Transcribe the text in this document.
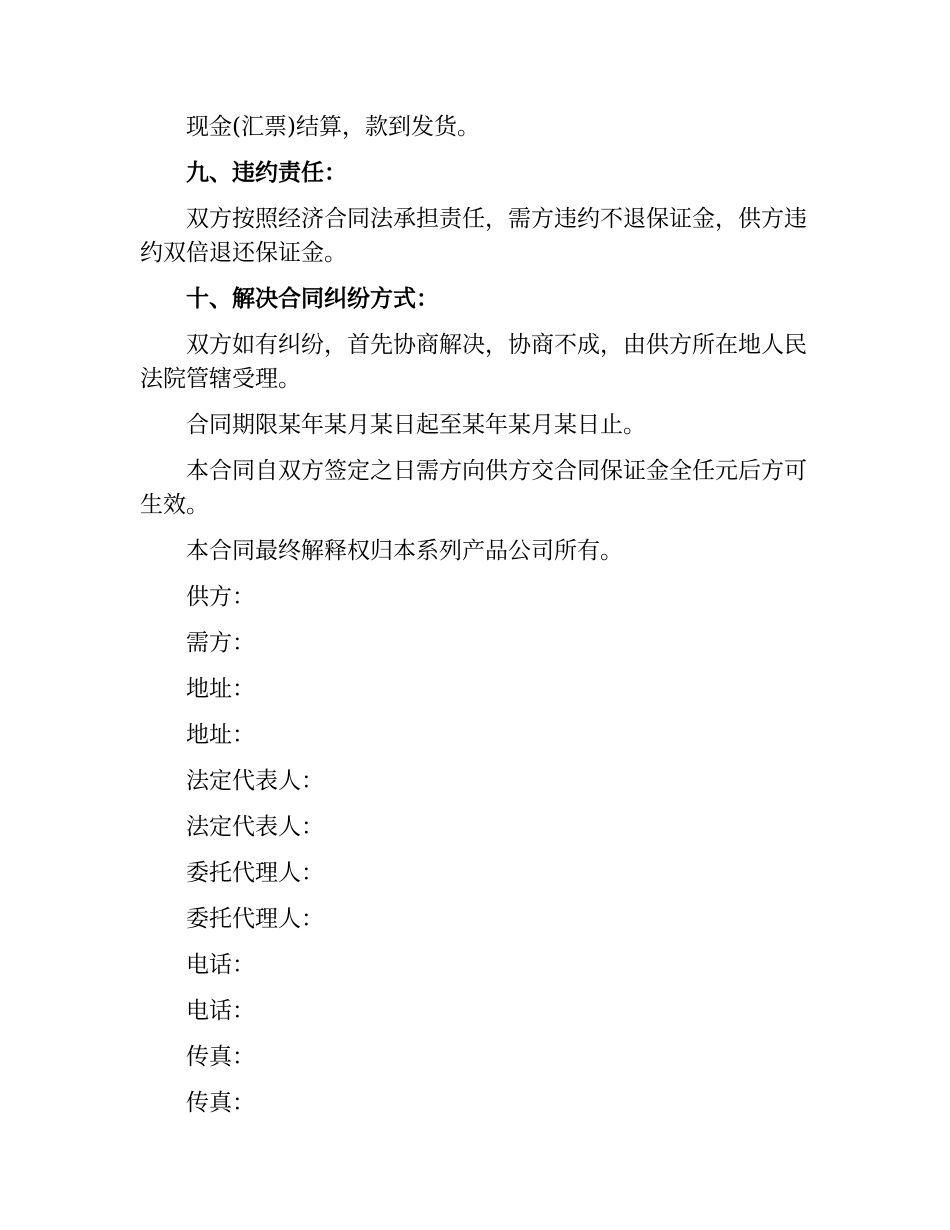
现金(汇票)结算，款到发货。

九、违约责任：

双方按照经济合同法承担责任，需方违约不退保证金，供方违约双倍退还保证金。

十、解决合同纠纷方式：

双方如有纠纷，首先协商解决，协商不成，由供方所在地人民法院管辖受理。

合同期限某年某月某日起至某年某月某日止。

本合同自双方签定之日需方向供方交合同保证金全任元后方可生效。

本合同最终解释权归本系列产品公司所有。

供方：

需方：

地址：

地址：

法定代表人：

法定代表人：

委托代理人：

委托代理人：

电话：

电话：

传真：

传真：
